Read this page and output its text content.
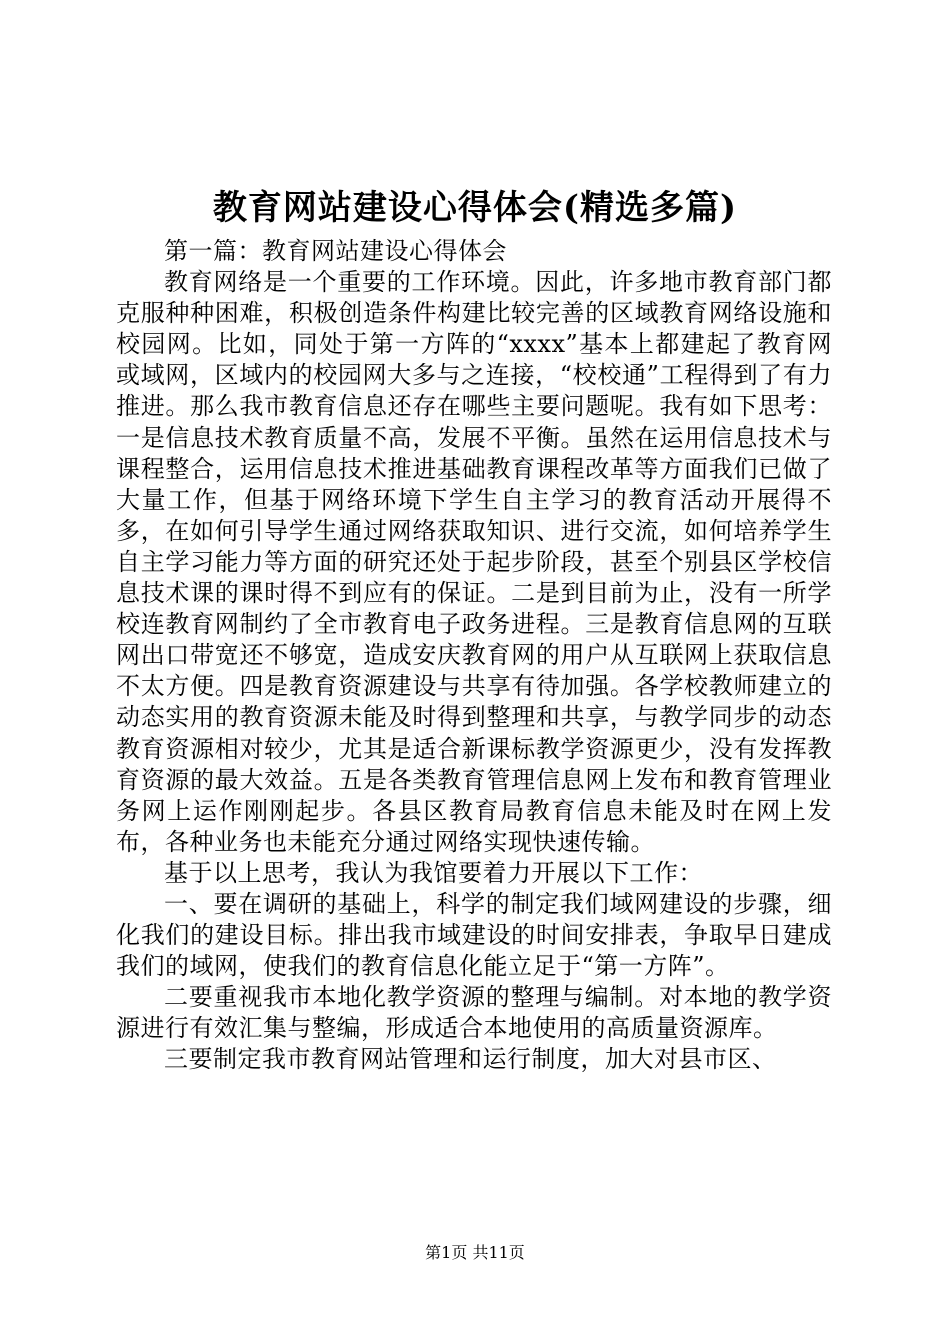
教育网站建设心得体会(精选多篇)

第一篇：教育网站建设心得体会

教育网络是一个重要的工作环境。因此，许多地市教育部门都克服种种困难，积极创造条件构建比较完善的区域教育网络设施和校园网。比如，同处于第一方阵的“xxxx”基本上都建起了教育网或域网，区域内的校园网大多与之连接，“校校通”工程得到了有力推进。那么我市教育信息还存在哪些主要问题呢。我有如下思考：一是信息技术教育质量不高，发展不平衡。虽然在运用信息技术与课程整合，运用信息技术推进基础教育课程改革等方面我们已做了大量工作，但基于网络环境下学生自主学习的教育活动开展得不多，在如何引导学生通过网络获取知识、进行交流，如何培养学生自主学习能力等方面的研究还处于起步阶段，甚至个别县区学校信息技术课的课时得不到应有的保证。二是到目前为止，没有一所学校连教育网制约了全市教育电子政务进程。三是教育信息网的互联网出口带宽还不够宽，造成安庆教育网的用户从互联网上获取信息不太方便。四是教育资源建设与共享有待加强。各学校教师建立的动态实用的教育资源未能及时得到整理和共享，与教学同步的动态教育资源相对较少，尤其是适合新课标教学资源更少，没有发挥教育资源的最大效益。五是各类教育管理信息网上发布和教育管理业务网上运作刚刚起步。各县区教育局教育信息未能及时在网上发布，各种业务也未能充分通过网络实现快速传输。

基于以上思考，我认为我馆要着力开展以下工作：

一、要在调研的基础上，科学的制定我们域网建设的步骤，细化我们的建设目标。排出我市域建设的时间安排表，争取早日建成我们的域网，使我们的教育信息化能立足于“第一方阵”。

二要重视我市本地化教学资源的整理与编制。对本地的教学资源进行有效汇集与整编，形成适合本地使用的高质量资源库。

三要制定我市教育网站管理和运行制度，加大对县市区、

第1页 共11页
